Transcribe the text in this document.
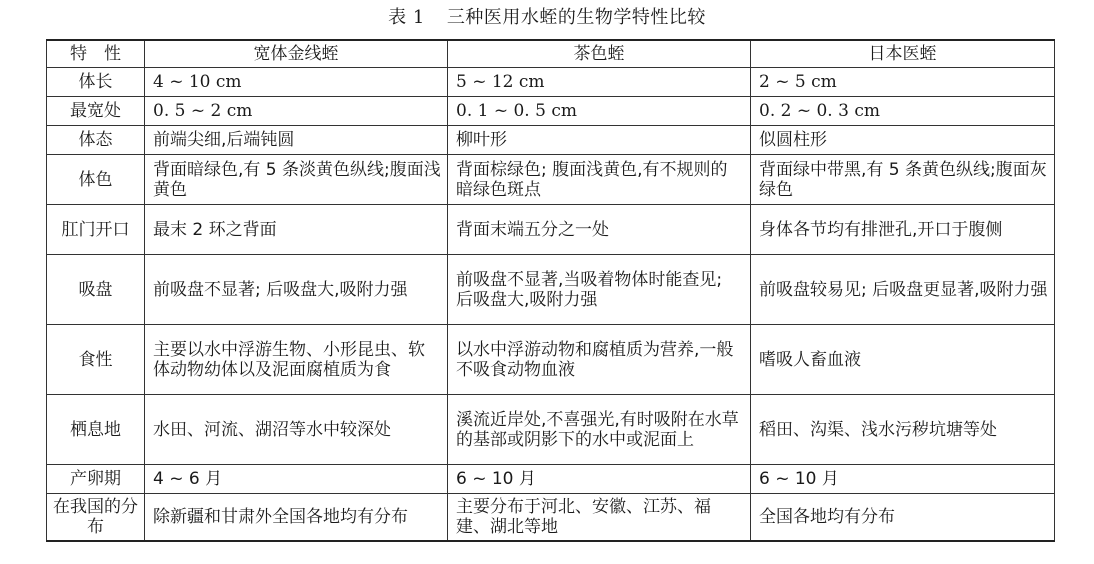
表 1 三种医用水蛭的生物学特性比较
特　性	宽体金线蛭	茶色蛭	日本医蛭
体长	4 ~ 10 cm	5 ~ 12 cm	2 ~ 5 cm
最宽处	0. 5 ~ 2 cm	0. 1 ~ 0. 5 cm	0. 2 ~ 0. 3 cm
体态	前端尖细,后端钝圆	柳叶形	似圆柱形
体色	背面暗绿色,有 5 条淡黄色纵线;腹面浅黄色	背面棕绿色; 腹面浅黄色,有不规则的暗绿色斑点	背面绿中带黑,有 5 条黄色纵线;腹面灰绿色
肛门开口	最末 2 环之背面	背面末端五分之一处	身体各节均有排泄孔,开口于腹侧
吸盘	前吸盘不显著; 后吸盘大,吸附力强	前吸盘不显著,当吸着物体时能查见; 后吸盘大,吸附力强	前吸盘较易见; 后吸盘更显著,吸附力强
食性	主要以水中浮游生物、小形昆虫、软体动物幼体以及泥面腐植质为食	以水中浮游动物和腐植质为营养,一般不吸食动物血液	嗜吸人畜血液
栖息地	水田、河流、湖沼等水中较深处	溪流近岸处,不喜强光,有时吸附在水草的基部或阴影下的水中或泥面上	稻田、沟渠、浅水污秽坑塘等处
产卵期	4 ~ 6 月	6 ~ 10 月	6 ~ 10 月
在我国的分布	除新疆和甘肃外全国各地均有分布	主要分布于河北、安徽、江苏、福建、湖北等地	全国各地均有分布
